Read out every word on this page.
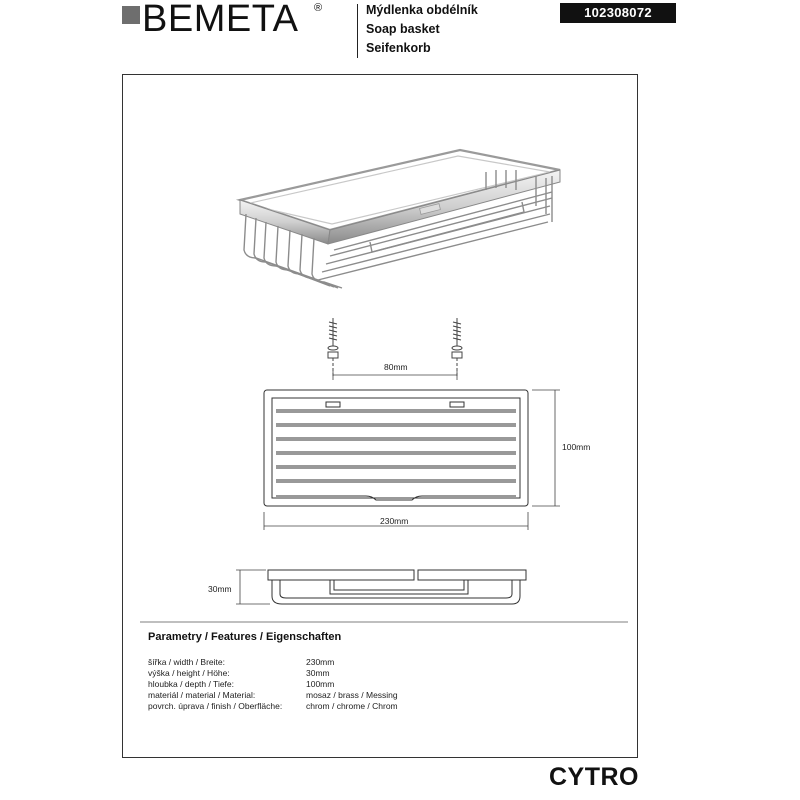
BEMETA ®	Mýdlenka obdélník
Soap basket
Seifenkorb
102308072
80mm
100mm
230mm
30mm
Parametry / Features / Eigenschaften
šířka / width / Breite:	230mm
výška / height / Höhe:	30mm
hloubka / depth / Tiefe:	100mm
materiál / material / Material:	mosaz / brass / Messing
povrch. úprava / finish / Oberfläche:	chrom / chrome / Chrom
CYTRO
